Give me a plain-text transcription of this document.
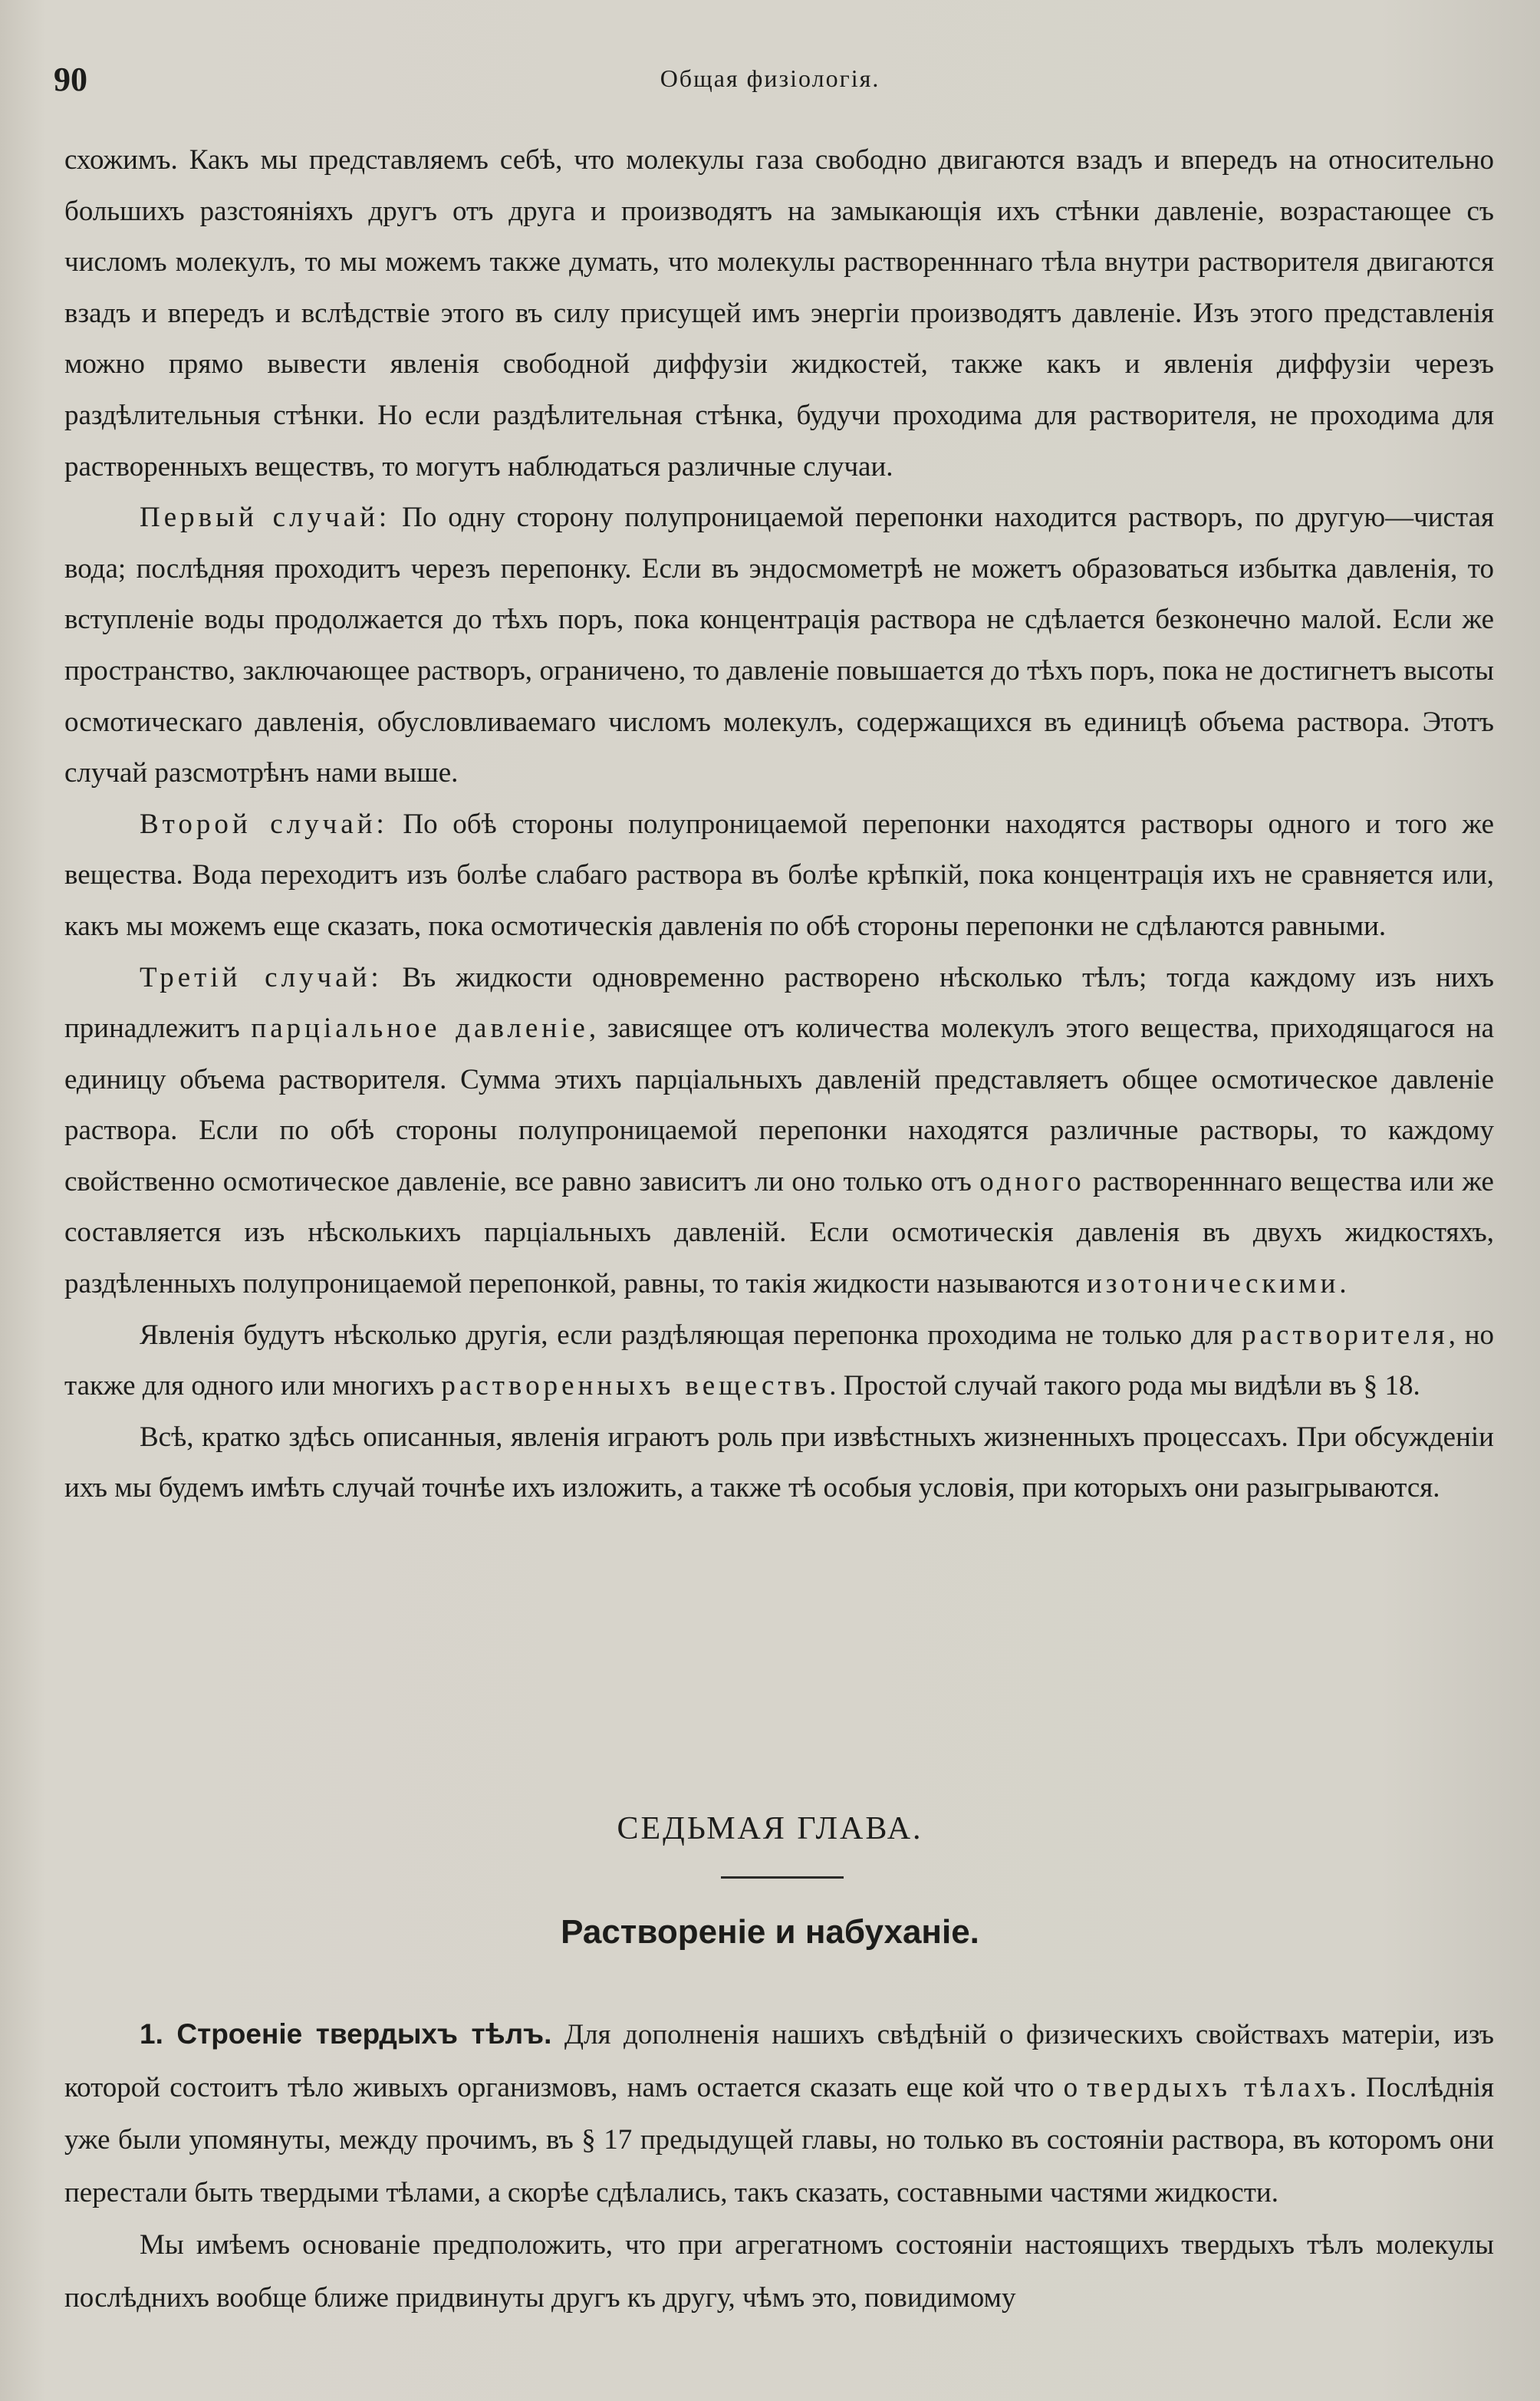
90	Общая физiологiя.

схожимъ. Какъ мы представляемъ себѣ, что молекулы газа свободно двигаются взадъ и впередъ на относительно большихъ разстоянiяхъ другъ отъ друга и производятъ на замыкающiя ихъ стѣнки давленiе, возрастающее съ числомъ молекулъ, то мы можемъ также думать, что молекулы растворенннаго тѣла внутри растворителя двигаются взадъ и впередъ и вслѣдствiе этого въ силу присущей имъ энергiи производятъ давленiе. Изъ этого представленiя можно прямо вывести явленiя свободной диффузiи жидкостей, также какъ и явленiя диффузiи черезъ раздѣлительныя стѣнки. Но если раздѣлительная стѣнка, будучи проходима для растворителя, не проходима для растворенныхъ веществъ, то могутъ наблюдаться различные случаи.

Первый случай: По одну сторону полупроницаемой перепонки находится растворъ, по другую—чистая вода; послѣдняя проходитъ черезъ перепонку. Если въ эндосмометрѣ не можетъ образоваться избытка давленiя, то вступленiе воды продолжается до тѣхъ поръ, пока концентрацiя раствора не сдѣлается безконечно малой. Если же пространство, заключающее растворъ, ограничено, то давленiе повышается до тѣхъ поръ, пока не достигнетъ высоты осмотическаго давленiя, обусловливаемаго числомъ молекулъ, содержащихся въ единицѣ объема раствора. Этотъ случай разсмотрѣнъ нами выше.

Второй случай: По обѣ стороны полупроницаемой перепонки находятся растворы одного и того же вещества. Вода переходитъ изъ болѣе слабаго раствора въ болѣе крѣпкiй, пока концентрацiя ихъ не сравняется или, какъ мы можемъ еще сказать, пока осмотическiя давленiя по обѣ стороны перепонки не сдѣлаются равными.

Третiй случай: Въ жидкости одновременно растворено нѣсколько тѣлъ; тогда каждому изъ нихъ принадлежитъ парцiальное давленiе, зависящее отъ количества молекулъ этого вещества, приходящагося на единицу объема растворителя. Сумма этихъ парцiальныхъ давленiй представляетъ общее осмотическое давленiе раствора. Если по обѣ стороны полупроницаемой перепонки находятся различные растворы, то каждому свойственно осмотическое давленiе, все равно зависитъ ли оно только отъ одного растворенннаго вещества или же составляется изъ нѣсколькихъ парцiальныхъ давленiй. Если осмотическiя давленiя въ двухъ жидкостяхъ, раздѣленныхъ полупроницаемой перепонкой, равны, то такiя жидкости называются изотоническими.

Явленiя будутъ нѣсколько другiя, если раздѣляющая перепонка проходима не только для растворителя, но также для одного или многихъ растворенныхъ веществъ. Простой случай такого рода мы видѣли въ § 18.

Всѣ, кратко здѣсь описанныя, явленiя играютъ роль при извѣстныхъ жизненныхъ процессахъ. При обсужденiи ихъ мы будемъ имѣть случай точнѣе ихъ изложить, а также тѣ особыя условiя, при которыхъ они разыгрываются.

СЕДЬМАЯ ГЛАВА.
Растворенiе и набуханiе.

1. Строенiе твердыхъ тѣлъ. Для дополненiя нашихъ свѣдѣнiй о физическихъ свойствахъ матерiи, изъ которой состоитъ тѣло живыхъ организмовъ, намъ остается сказать еще кой что о твердыхъ тѣлахъ. Послѣднiя уже были упомянуты, между прочимъ, въ § 17 предыдущей главы, но только въ состоянiи раствора, въ которомъ они перестали быть твердыми тѣлами, а скорѣе сдѣлались, такъ сказать, составными частями жидкости.

Мы имѣемъ основанiе предположить, что при агрегатномъ состоянiи настоящихъ твердыхъ тѣлъ молекулы послѣднихъ вообще ближе придвинуты другъ къ другу, чѣмъ это, повидимому
